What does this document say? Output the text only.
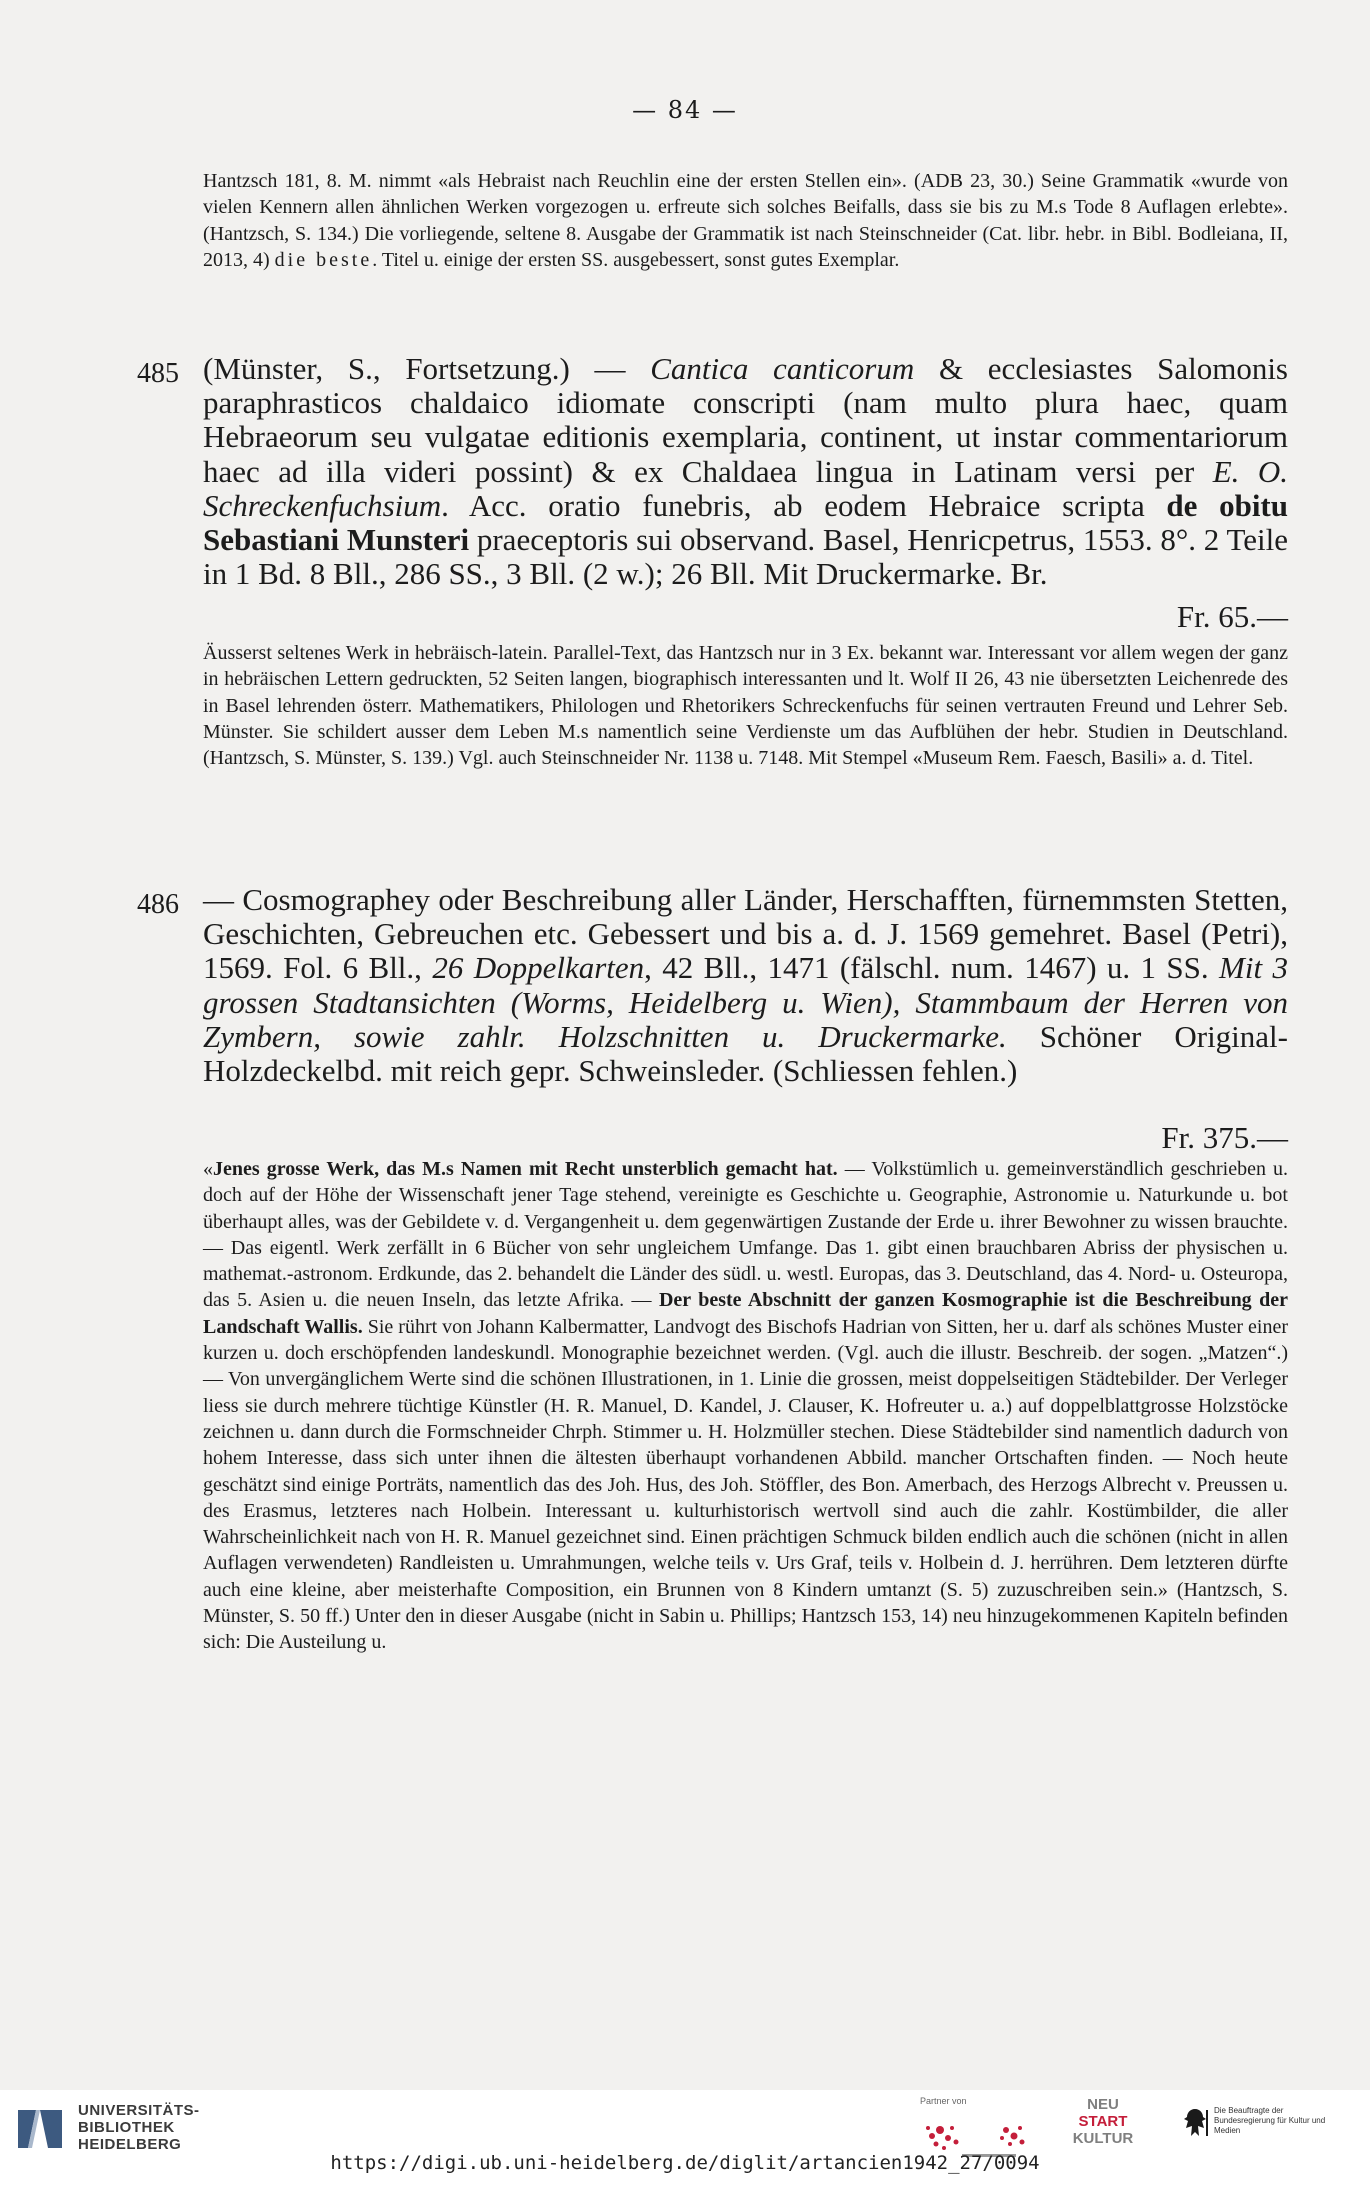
— 84 —

Hantzsch 181, 8. M. nimmt «als Hebraist nach Reuchlin eine der ersten Stellen ein». (ADB 23, 30.) Seine Grammatik «wurde von vielen Kennern allen ähnlichen Werken vorgezogen u. erfreute sich solches Beifalls, dass sie bis zu M.s Tode 8 Auflagen erlebte». (Hantzsch, S. 134.) Die vorliegende, seltene 8. Ausgabe der Grammatik ist nach Steinschneider (Cat. libr. hebr. in Bibl. Bodleiana, II, 2013, 4) die beste. Titel u. einige der ersten SS. ausgebessert, sonst gutes Exemplar.

485 (Münster, S., Fortsetzung.) — Cantica canticorum & ecclesiastes Salomonis paraphrasticos chaldaico idiomate conscripti (nam multo plura haec, quam Hebraeorum seu vulgatae editionis exemplaria, continent, ut instar commentariorum haec ad illa videri possint) & ex Chaldaea lingua in Latinam versi per E. O. Schreckenfuchsium. Acc. oratio funebris, ab eodem Hebraice scripta de obitu Sebastiani Munsteri praeceptoris sui observand. Basel, Henricpetrus, 1553. 8°. 2 Teile in 1 Bd. 8 Bll., 286 SS., 3 Bll. (2 w.); 26 Bll. Mit Druckermarke. Br.

Fr. 65.—

Äusserst seltenes Werk in hebräisch-latein. Parallel-Text, das Hantzsch nur in 3 Ex. bekannt war. Interessant vor allem wegen der ganz in hebräischen Lettern gedruckten, 52 Seiten langen, biographisch interessanten und lt. Wolf II 26, 43 nie übersetzten Leichenrede des in Basel lehrenden österr. Mathematikers, Philologen und Rhetorikers Schreckenfuchs für seinen vertrauten Freund und Lehrer Seb. Münster. Sie schildert ausser dem Leben M.s namentlich seine Verdienste um das Aufblühen der hebr. Studien in Deutschland. (Hantzsch, S. Münster, S. 139.) Vgl. auch Steinschneider Nr. 1138 u. 7148. Mit Stempel «Museum Rem. Faesch, Basili» a. d. Titel.

486 — Cosmographey oder Beschreibung aller Länder, Herschafften, fürnemmsten Stetten, Geschichten, Gebreuchen etc. Gebessert und bis a. d. J. 1569 gemehret. Basel (Petri), 1569. Fol. 6 Bll., 26 Doppelkarten, 42 Bll., 1471 (fälschl. num. 1467) u. 1 SS. Mit 3 grossen Stadtansichten (Worms, Heidelberg u. Wien), Stammbaum der Herren von Zymbern, sowie zahlr. Holzschnitten u. Druckermarke. Schöner Original-Holzdeckelbd. mit reich gepr. Schweinsleder. (Schliessen fehlen.)

Fr. 375.—

«Jenes grosse Werk, das M.s Namen mit Recht unsterblich gemacht hat. — Volkstümlich u. gemeinverständlich geschrieben u. doch auf der Höhe der Wissenschaft jener Tage stehend, vereinigte es Geschichte u. Geographie, Astronomie u. Naturkunde u. bot überhaupt alles, was der Gebildete v. d. Vergangenheit u. dem gegenwärtigen Zustande der Erde u. ihrer Bewohner zu wissen brauchte. — Das eigentl. Werk zerfällt in 6 Bücher von sehr ungleichem Umfange. Das 1. gibt einen brauchbaren Abriss der physischen u. mathemat.-astronom. Erdkunde, das 2. behandelt die Länder des südl. u. westl. Europas, das 3. Deutschland, das 4. Nord- u. Osteuropa, das 5. Asien u. die neuen Inseln, das letzte Afrika. — Der beste Abschnitt der ganzen Kosmographie ist die Beschreibung der Landschaft Wallis. Sie rührt von Johann Kalbermatter, Landvogt des Bischofs Hadrian von Sitten, her u. darf als schönes Muster einer kurzen u. doch erschöpfenden landeskundl. Monographie bezeichnet werden. (Vgl. auch die illustr. Beschreib. der sogen. „Matzen“.) — Von unvergänglichem Werte sind die schönen Illustrationen, in 1. Linie die grossen, meist doppelseitigen Städtebilder. Der Verleger liess sie durch mehrere tüchtige Künstler (H. R. Manuel, D. Kandel, J. Clauser, K. Hofreuter u. a.) auf doppelblattgrosse Holzstöcke zeichnen u. dann durch die Formschneider Chrph. Stimmer u. H. Holzmüller stechen. Diese Städtebilder sind namentlich dadurch von hohem Interesse, dass sich unter ihnen die ältesten überhaupt vorhandenen Abbild. mancher Ortschaften finden. — Noch heute geschätzt sind einige Porträts, namentlich das des Joh. Hus, des Joh. Stöffler, des Bon. Amerbach, des Herzogs Albrecht v. Preussen u. des Erasmus, letzteres nach Holbein. Interessant u. kulturhistorisch wertvoll sind auch die zahlr. Kostümbilder, die aller Wahrscheinlichkeit nach von H. R. Manuel gezeichnet sind. Einen prächtigen Schmuck bilden endlich auch die schönen (nicht in allen Auflagen verwendeten) Randleisten u. Umrahmungen, welche teils v. Urs Graf, teils v. Holbein d. J. herrühren. Dem letzteren dürfte auch eine kleine, aber meisterhafte Composition, ein Brunnen von 8 Kindern umtanzt (S. 5) zuzuschreiben sein.» (Hantzsch, S. Münster, S. 50 ff.) Unter den in dieser Ausgabe (nicht in Sabin u. Phillips; Hantzsch 153, 14) neu hinzugekommenen Kapiteln befinden sich: Die Austeilung u.

UNIVERSITÄTS-
BIBLIOTHEK
HEIDELBERG
Partner von	NEU
START
KULTUR
Die Beauftragte der Bundesregierung für Kultur und Medien
https://digi.ub.uni-heidelberg.de/diglit/artancien1942_27/0094
